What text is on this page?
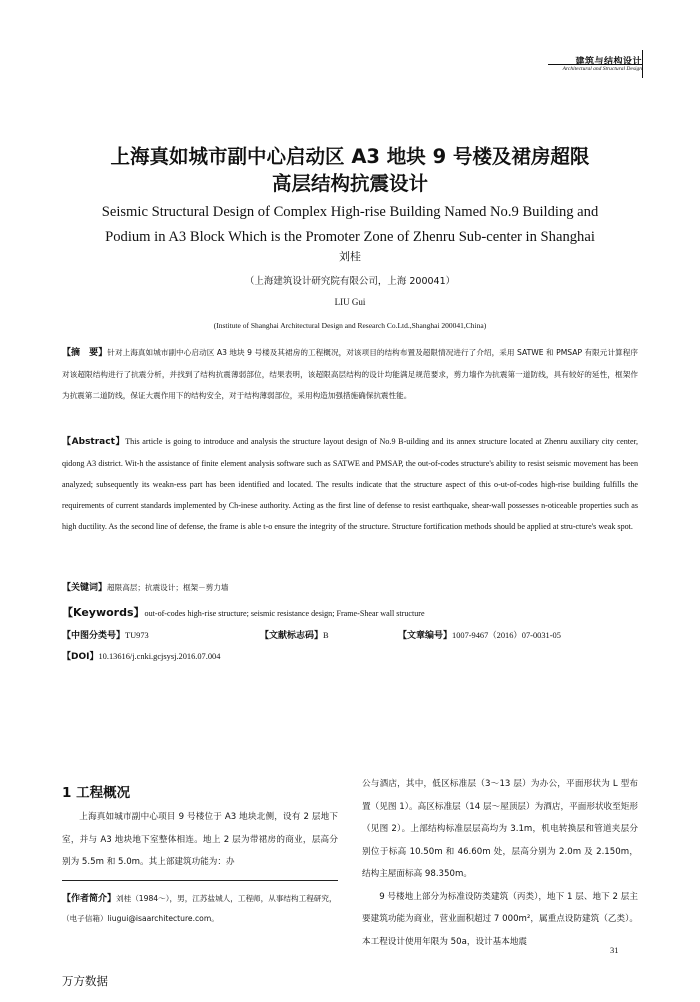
建筑与结构设计
Architectural and Structural Design
上海真如城市副中心启动区 A3 地块 9 号楼及裙房超限
高层结构抗震设计
Seismic Structural Design of Complex High-rise Building Named No.9 Building and
Podium in A3 Block Which is the Promoter Zone of Zhenru Sub-center in Shanghai
刘桂
（上海建筑设计研究院有限公司，上海 200041）
LIU Gui
(Institute of Shanghai Architectural Design and Research Co.Ltd.,Shanghai 200041,China)
【摘　要】针对上海真如城市副中心启动区 A3 地块 9 号楼及其裙房的工程概况，对该项目的结构布置及超限情况进行了介绍，采用 SATWE 和 PMSAP 有限元计算程序对该超限结构进行了抗震分析，并找到了结构抗震薄弱部位，结果表明，该超限高层结构的设计均能满足规范要求，剪力墙作为抗震第一道防线，具有较好的延性，框架作为抗震第二道防线，保证大震作用下的结构安全，对于结构薄弱部位，采用构造加强措施确保抗震性能。
【Abstract】This article is going to introduce and analysis the structure layout design of No.9 B-uilding and its annex structure located at Zhenru auxiliary city center, qidong A3 district. Wit-h the assistance of finite element analysis software such as SATWE and PMSAP, the out-of-codes structure's ability to resist seismic movement has been analyzed; subsequently its weakn-ess part has been identified and located. The results indicate that the structure aspect of this o-ut-of-codes high-rise building fulfills the requirements of current standards implemented by Ch-inese authority. Acting as the first line of defense to resist earthquake, shear-wall possesses n-oticeable properties such as high ductility. As the second line of defense, the frame is able t-o ensure the integrity of the structure. Structure fortification methods should be applied at stru-cture's weak spot.
【关键词】超限高层；抗震设计；框架－剪力墙
【Keywords】out-of-codes high-rise structure; seismic resistance design; Frame-Shear wall structure
【中图分类号】TU973	【文献标志码】B	【文章编号】1007-9467（2016）07-0031-05
【DOI】10.13616/j.cnki.gcjsysj.2016.07.004
1 工程概况
上海真如城市副中心项目 9 号楼位于 A3 地块北侧，设有 2 层地下室，并与 A3 地块地下室整体相连。地上 2 层为带裙房的商业，层高分别为 5.5m 和 5.0m。其上部建筑功能为：办
公与酒店，其中，低区标准层（3～13 层）为办公，平面形状为 L 型布置（见图 1）。高区标准层（14 层～屋顶层）为酒店，平面形状收至矩形（见图 2）。上部结构标准层层高均为 3.1m，机电转换层和管道夹层分别位于标高 10.50m 和 46.60m 处，层高分别为 2.0m 及 2.150m，结构主屋面标高 98.350m。
9 号楼地上部分为标准设防类建筑（丙类），地下 1 层、地下 2 层主要建筑功能为商业，营业面积超过 7 000m²，属重点设防建筑（乙类）。本工程设计使用年限为 50a，设计基本地震
【作者简介】刘桂（1984～），男，江苏盐城人，工程师，从事结构工程研究，（电子信箱）liugui@isaarchitecture.com。
31
万方数据
